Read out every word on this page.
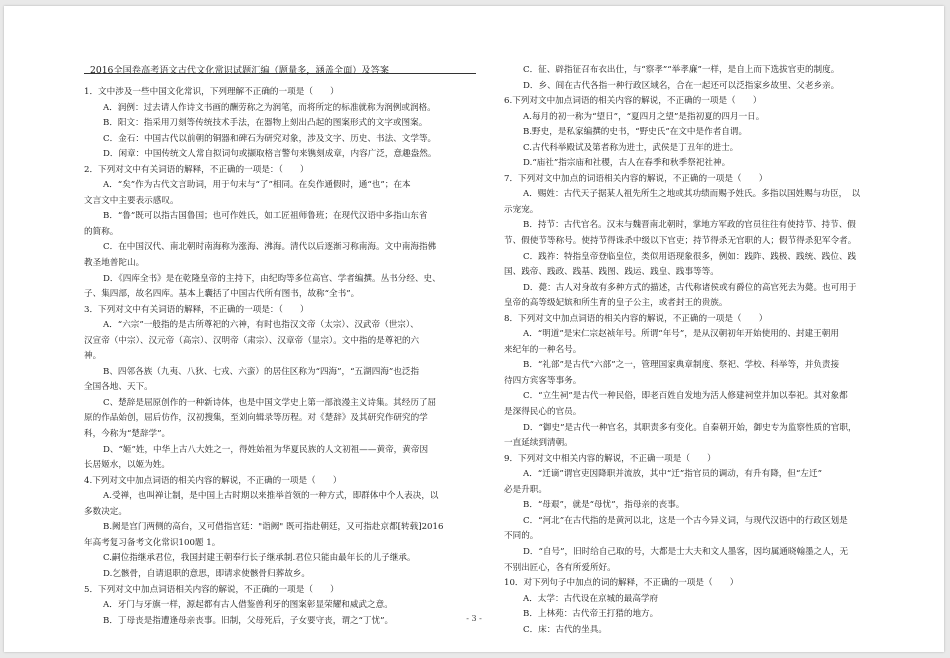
2016全国卷高考语文古代文化常识试题汇编（题量多，涵盖全面）及答案
1．文中涉及一些中国文化常识，下列理解不正确的一项是（　　）
A．润例：过去请人作诗文书画的酬劳称之为润笔，而将所定的标准就称为润例或润格。
B．阳文：指采用刀刻等传统技术手法，在器物上刻出凸起的图案形式的文字或图案。
C．金石：中国古代以前朝的铜器和碑石为研究对象，涉及文字、历史、书法、文学等。
D．闲章：中国传统文人常自拟词句或撷取格言警句来镌刻成章，内容广泛，意趣盎然。
2．下列对文中有关词语的解释，不正确的一项是：（　　）
A．“矣”作为古代文言助词，用于句末与“了”相同。在矣作通假时，通“也”；在本
文言文中主要表示感叹。
B．“鲁”既可以指古国鲁国；也可作姓氏，如工匠祖师鲁班；在现代汉语中多指山东省
的简称。
C．在中国汉代、南北朝时南海称为涨海、沸海。清代以后逐渐习称南海。文中南海指佛
教圣地普陀山。
D．《四库全书》是在乾隆皇帝的主持下，由纪昀等多位高官、学者编撰。丛书分经、史、
子、集四部，故名四库。基本上囊括了中国古代所有图书，故称“全书”。
3．下列对文中有关词语的解释，不正确的一项是：（　　）
A．“六宗”一般指的是古所尊祀的六神，有时也指汉文帝（太宗）、汉武帝（世宗）、
汉宣帝（中宗）、汉元帝（高宗）、汉明帝（肃宗）、汉章帝（显宗）。文中指的是尊祀的六
神。
B、四邻各族（九夷、八狄、七戎、六蛮）的居住区称为“四海”，“五湖四海”也泛指
全国各地、天下。
C、楚辞是屈原创作的一种新诗体，也是中国文学史上第一部浪漫主义诗集。其经历了屈
原的作品始创，屈后仿作，汉初搜集，至刘向辑录等历程。对《楚辞》及其研究作研究的学
科，今称为“楚辞学”。
D、“姬”姓，中华上古八大姓之一，得姓始祖为华夏民族的人文初祖——黄帝，黄帝因
长居姬水，以姬为姓。
4.下列对文中加点词语的相关内容的解说，不正确的一项是（　　）
A.受禅，也叫禅让制，是中国上古时期以来推举首领的一种方式，即群体中个人表决，以
多数决定。
B.阙是宫门两侧的高台，又可借指宫廷："诣阙" 既可指赴朝廷，又可指赴京都[转载]2016
年高考复习备考文化常识100题 1。
C.嗣位指继承君位，我国封建王朝奉行长子继承制.君位只能由最年长的儿子继承。
D.乞骸骨，自请退职的意思，即请求使骸骨归葬故乡。
5．下列对文中加点词语相关内容的解说，不正确的一项是（　　）
A．牙门与牙旗一样，源起都有古人借鉴兽利牙的图案彰显荣耀和威武之意。
B．丁母丧是指遭逢母亲丧事。旧制，父母死后，子女要守丧，谓之“丁忧”。
C．征、辟指征召布衣出仕，与“察孝”“举孝廉”一样，是自上而下选拔官吏的制度。
D．乡、闾在古代各指一种行政区域名，合在一起还可以泛指家乡故里、父老乡亲。
6.下列对文中加点词语的相关内容的解说，不正确的一项是（　　）
A.每月的初一称为“望日”，“夏四月之望”是指初夏的四月一日。
B.野史，是私家编撰的史书，“野史氏”在文中是作者自谓。
C.古代科举殿试及第者称为进士，武侯是丁丑年的进士。
D.“庙社”指宗庙和社稷，古人在春季和秋季祭祀社神。
7．下列对文中加点的词语相关内容的解说，不正确的一项是（　　）
A．赐姓：古代天子据某人祖先所生之地或其功绩而赐予姓氏。多指以国姓赐与功臣，　以
示宠宠。
B．持节：古代官名。汉末与魏晋南北朝时，掌地方军政的官员往往有使持节、持节、假
节、假使节等称号。使持节得诛杀中级以下官吏；持节得杀无官职的人；假节得杀犯军令者。
C．践祚：特指皇帝登临皇位，类似用语现象很多，例如：践阼、践极、践统、践位、践
国、践帝、践政、践基、践图、践运、践皇、践事等等。
D．薨：古人对身故有多种方式的描述，古代称诸侯或有爵位的高官死去为薨。也可用于
皇帝的高等级妃嫔和所生育的皇子公主，或者封王的贵族。
8．下列对文中加点词语的相关内容的解说，不正确的一项是（　　）
A．“明道”是宋仁宗赵祯年号。所谓“年号”，是从汉朝初年开始使用的、封建王朝用
来纪年的一种名号。
B．“礼部”是古代“六部”之一，管理国家典章制度、祭祀、学校、科举等，并负责接
待四方宾客等事务。
C．“立生祠”是古代一种民俗，即老百姓自发地为活人修建祠堂并加以奉祀。其对象都
是深得民心的官员。
D．“御史”是古代一种官名，其职责多有变化。自秦朝开始，御史专为监察性质的官职，
一直延续到清朝。
9．下列对文中相关内容的解说，不正确一项是（　　）
A．“迁谪”谓官吏因降职并流放，其中“迁”指官员的调动，有升有降，但“左迁”
必是升职。
B．“母艰”，就是“母忧”，指母亲的丧事。
C．“河北”在古代指的是黄河以北，这是一个古今异义词，与现代汉语中的行政区划是
不同的。
D．“自号”，旧时给自己取的号，大都是士大夫和文人墨客，因均属通晓翰墨之人，无
不别出匠心，各有所爱所好。
10．对下列句子中加点的词的解释，不正确的一项是（　　）
A．太学：古代设在京城的最高学府
B．上林苑：古代帝王打猎的地方。
C．床：古代的坐具。
- 3 -
